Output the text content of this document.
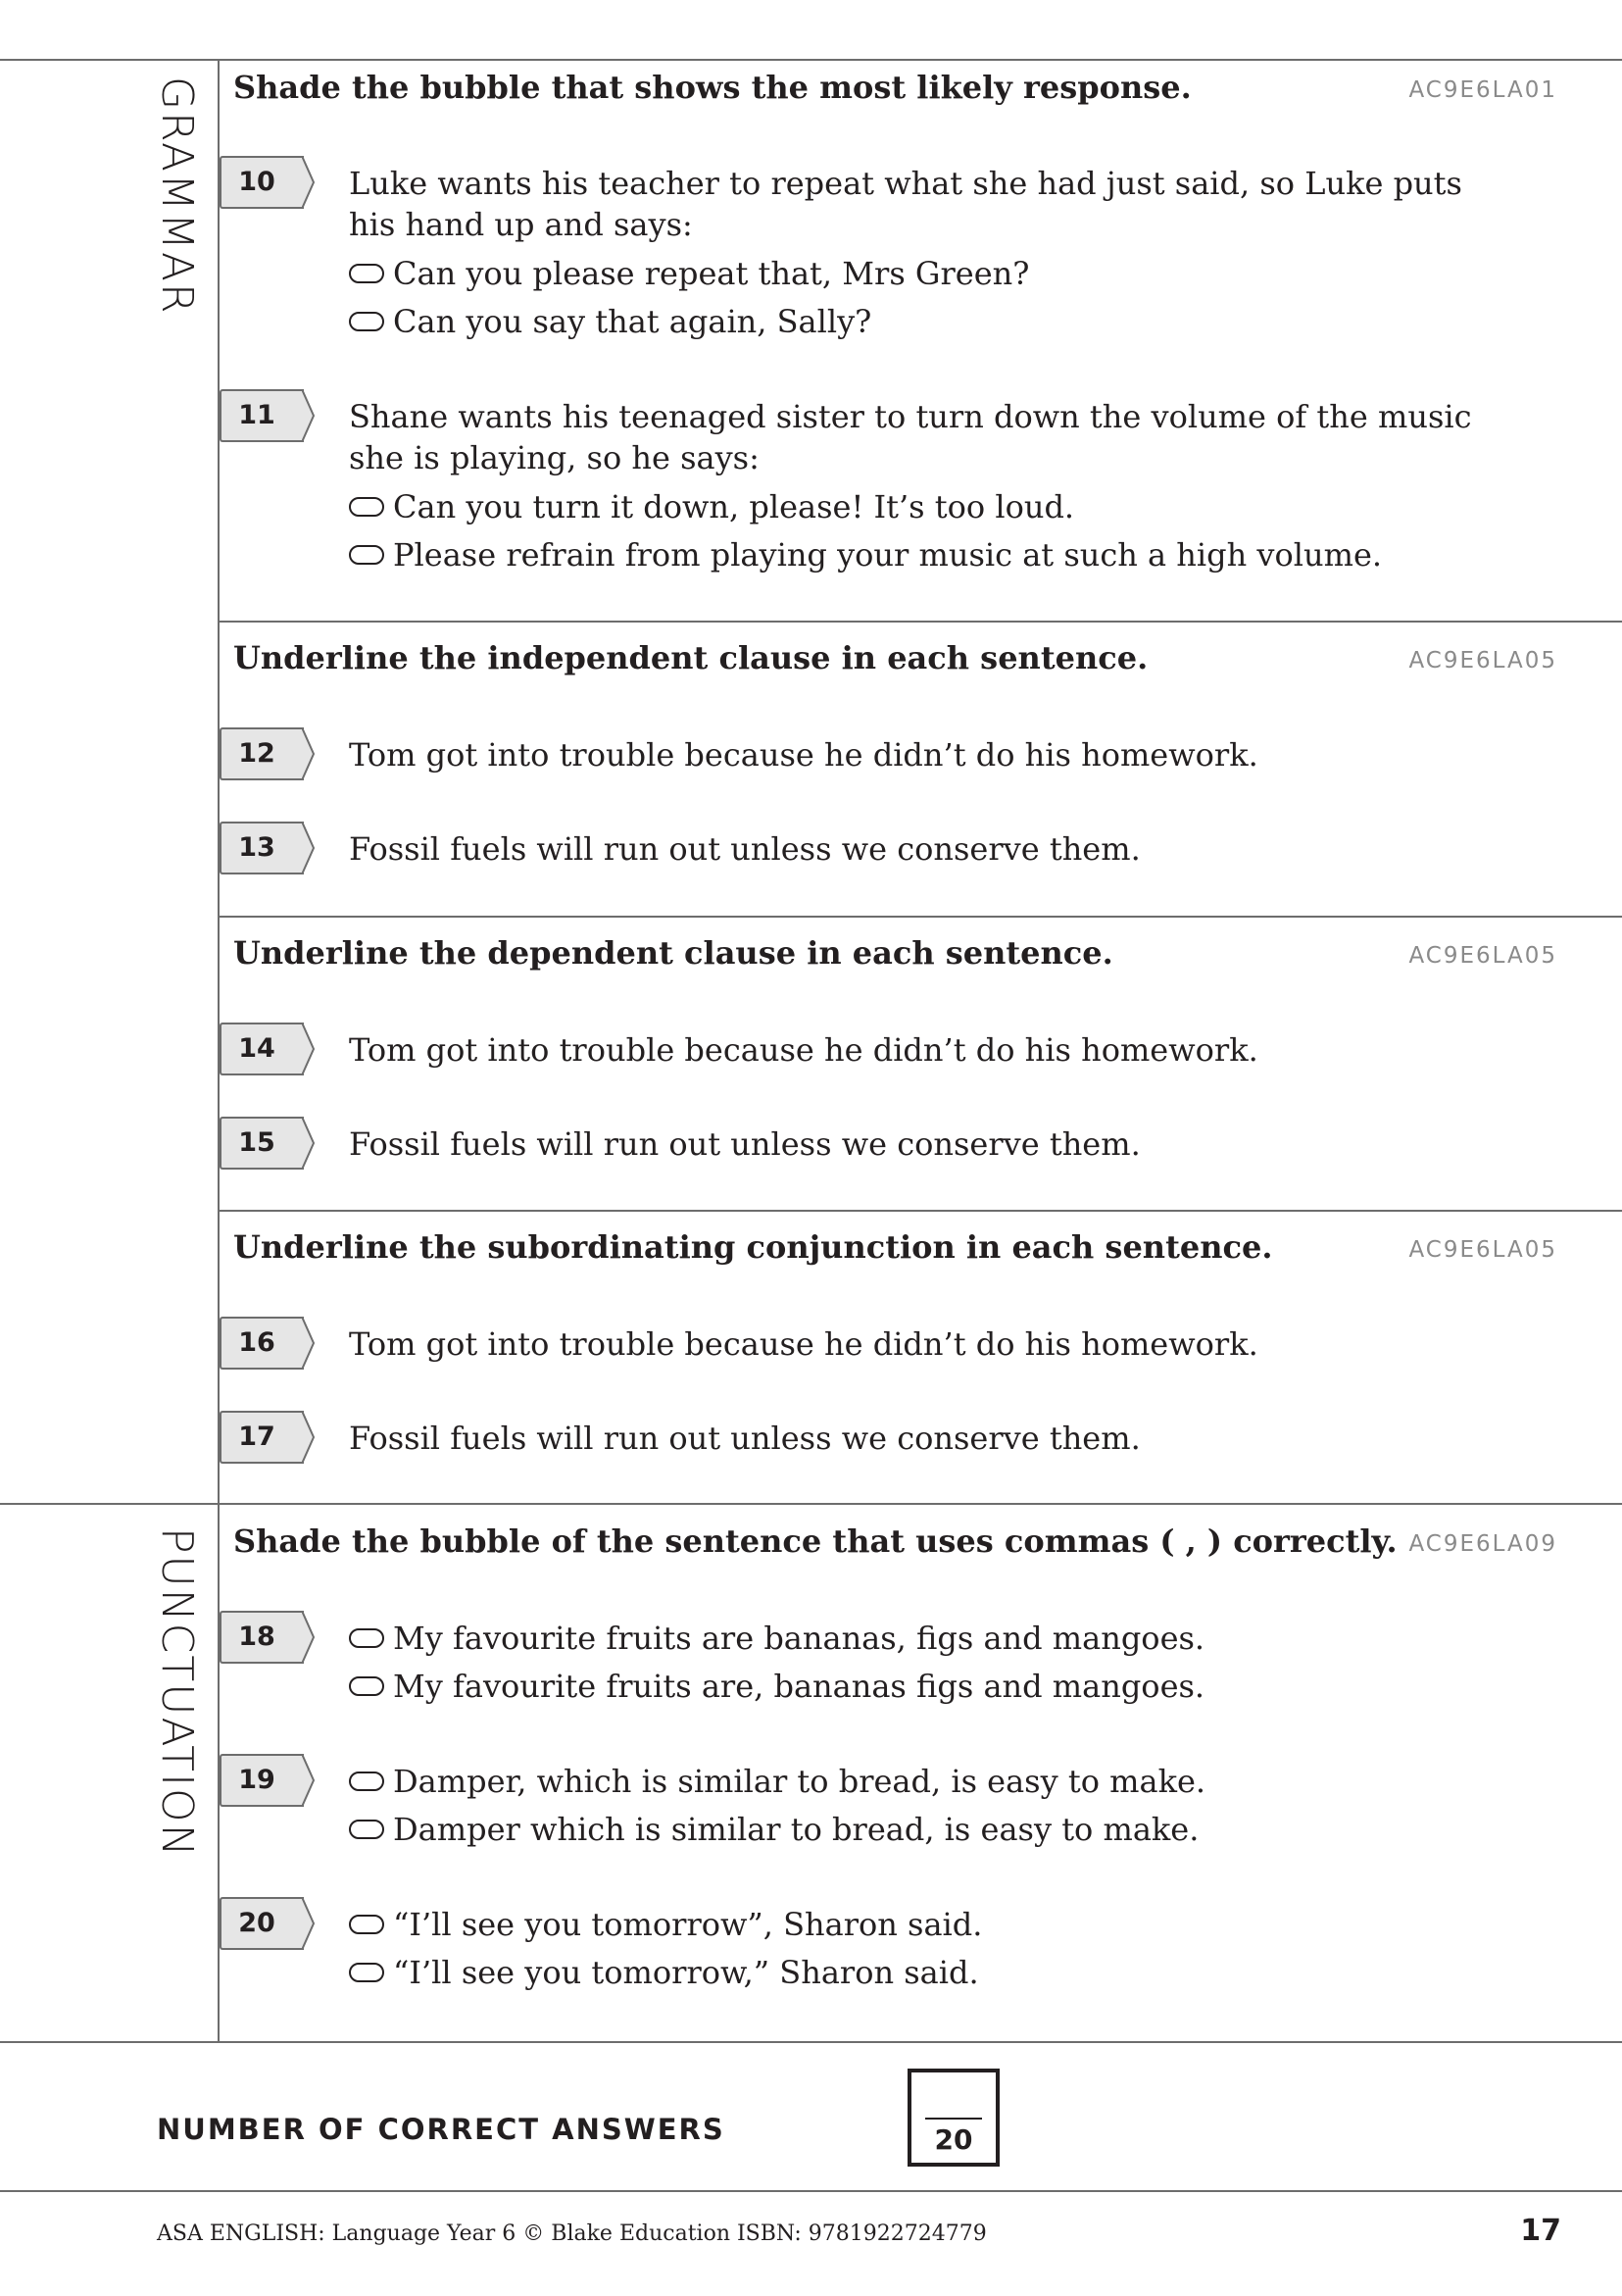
GRAMMAR
PUNCTUATION
Shade the bubble that shows the most likely response.	AC9E6LA01
Underline the independent clause in each sentence.	AC9E6LA05
Underline the dependent clause in each sentence.	AC9E6LA05
Underline the subordinating conjunction in each sentence.	AC9E6LA05
Shade the bubble of the sentence that uses commas ( , ) correctly. AC9E6LA09
10	Luke wants his teacher to repeat what she had just said, so Luke puts
his hand up and says:
Can you please repeat that, Mrs Green?
Can you say that again, Sally?
11	Shane wants his teenaged sister to turn down the volume of the music
she is playing, so he says:
Can you turn it down, please! It’s too loud.
Please refrain from playing your music at such a high volume.
12	Tom got into trouble because he didn’t do his homework.
13	Fossil fuels will run out unless we conserve them.
14	Tom got into trouble because he didn’t do his homework.
15	Fossil fuels will run out unless we conserve them.
16	Tom got into trouble because he didn’t do his homework.
17	Fossil fuels will run out unless we conserve them.
18	My favourite fruits are bananas, figs and mangoes.
My favourite fruits are, bananas figs and mangoes.
19	Damper, which is similar to bread, is easy to make.
Damper which is similar to bread, is easy to make.
20	“I’ll see you tomorrow”, Sharon said.
“I’ll see you tomorrow,” Sharon said.
NUMBER OF CORRECT ANSWERS	20
ASA ENGLISH: Language Year 6 © Blake Education ISBN: 9781922724779	17
